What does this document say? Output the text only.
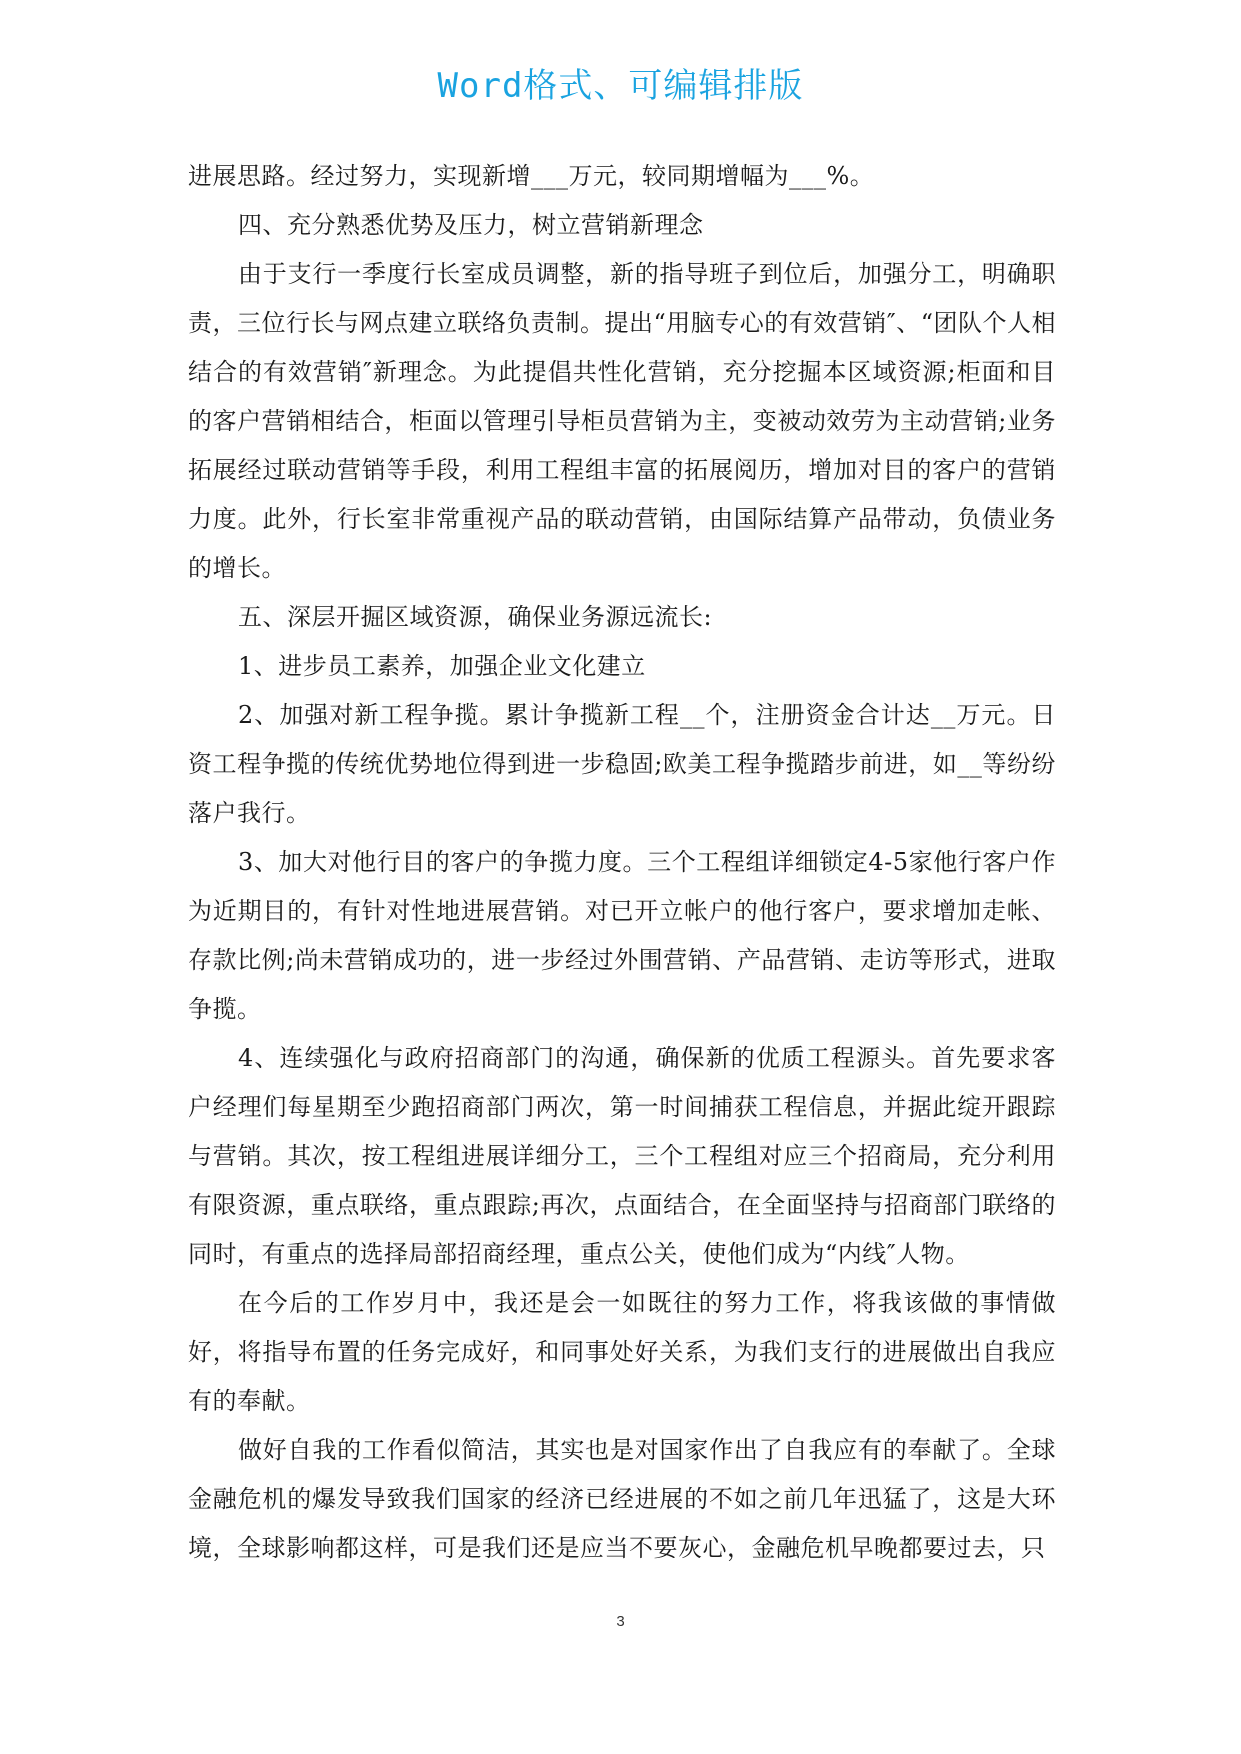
Word格式、可编辑排版

进展思路。经过努力，实现新增___万元，较同期增幅为___%。

四、充分熟悉优势及压力，树立营销新理念

由于支行一季度行长室成员调整，新的指导班子到位后，加强分工，明确职责，三位行长与网点建立联络负责制。提出“用脑专心的有效营销″、“团队个人相结合的有效营销″新理念。为此提倡共性化营销，充分挖掘本区域资源;柜面和目的客户营销相结合，柜面以管理引导柜员营销为主，变被动效劳为主动营销;业务拓展经过联动营销等手段，利用工程组丰富的拓展阅历，增加对目的客户的营销力度。此外，行长室非常重视产品的联动营销，由国际结算产品带动，负债业务的增长。

五、深层开掘区域资源，确保业务源远流长:

1、进步员工素养，加强企业文化建立

2、加强对新工程争揽。累计争揽新工程__个，注册资金合计达__万元。日资工程争揽的传统优势地位得到进一步稳固;欧美工程争揽踏步前进，如__等纷纷落户我行。

3、加大对他行目的客户的争揽力度。三个工程组详细锁定4-5家他行客户作为近期目的，有针对性地进展营销。对已开立帐户的他行客户，要求增加走帐、存款比例;尚未营销成功的，进一步经过外围营销、产品营销、走访等形式，进取争揽。

4、连续强化与政府招商部门的沟通，确保新的优质工程源头。首先要求客户经理们每星期至少跑招商部门两次，第一时间捕获工程信息，并据此绽开跟踪与营销。其次，按工程组进展详细分工，三个工程组对应三个招商局，充分利用有限资源，重点联络，重点跟踪;再次，点面结合，在全面坚持与招商部门联络的同时，有重点的选择局部招商经理，重点公关，使他们成为“内线″人物。

在今后的工作岁月中，我还是会一如既往的努力工作，将我该做的事情做好，将指导布置的任务完成好，和同事处好关系，为我们支行的进展做出自我应有的奉献。

做好自我的工作看似简洁，其实也是对国家作出了自我应有的奉献了。全球金融危机的爆发导致我们国家的经济已经进展的不如之前几年迅猛了，这是大环境，全球影响都这样，可是我们还是应当不要灰心，金融危机早晚都要过去，只

3
